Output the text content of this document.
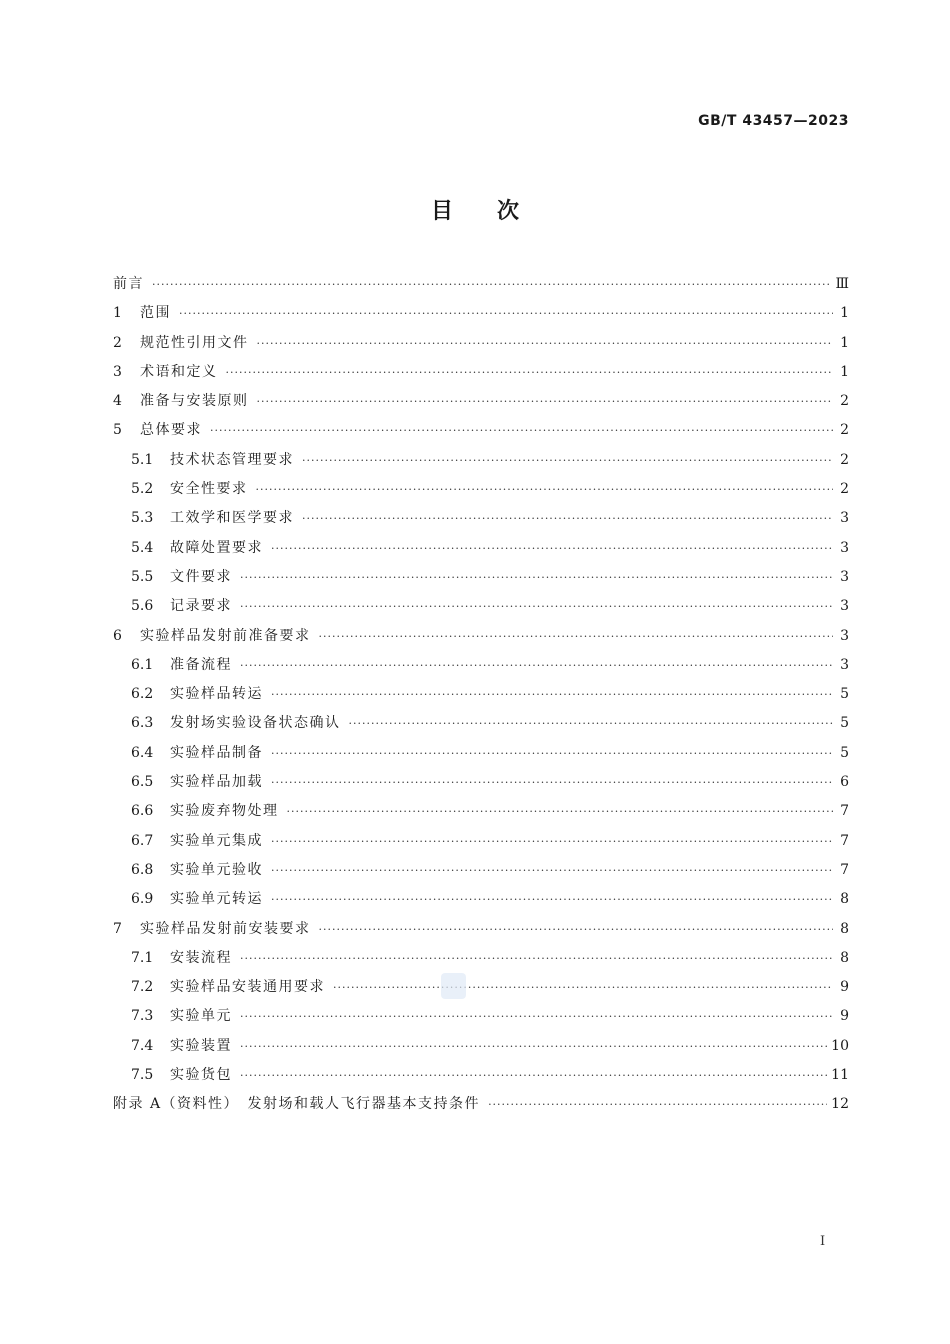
GB/T 43457—2023
目　　次
前言 ·····	Ⅲ
1	范围 ·····	1
2	规范性引用文件 ·····	1
3	术语和定义 ·····	1
4	准备与安装原则 ·····	2
5	总体要求 ·····	2
5.1	技术状态管理要求 ·····	2
5.2	安全性要求 ·····	2
5.3	工效学和医学要求 ·····	3
5.4	故障处置要求 ·····	3
5.5	文件要求 ·····	3
5.6	记录要求 ·····	3
6	实验样品发射前准备要求 ·····	3
6.1	准备流程 ·····	3
6.2	实验样品转运 ·····	5
6.3	发射场实验设备状态确认 ·····	5
6.4	实验样品制备 ·····	5
6.5	实验样品加载 ·····	6
6.6	实验废弃物处理 ·····	7
6.7	实验单元集成 ·····	7
6.8	实验单元验收 ·····	7
6.9	实验单元转运 ·····	8
7	实验样品发射前安装要求 ·····	8
7.1	安装流程 ·····	8
7.2	实验样品安装通用要求 ·····	9
7.3	实验单元 ·····	9
7.4	实验装置 ·····	10
7.5	实验货包 ·····	11
附录 A（资料性）　发射场和载人飞行器基本支持条件 ·····	12
I
